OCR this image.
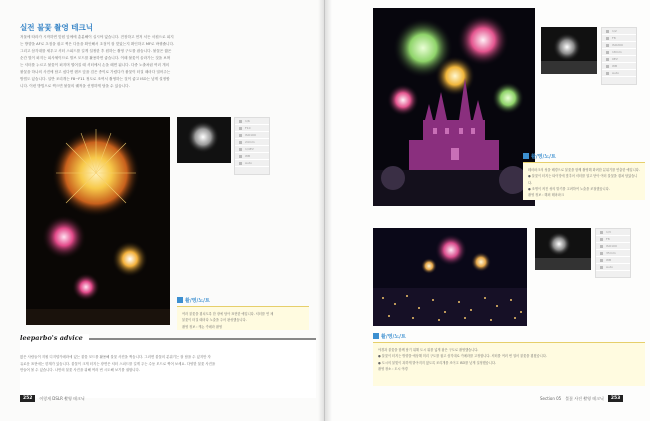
실전 불꽃 촬영 테크닉
저물에 따라가 시작하면 맞원 앞에에 총분해이 실시야 없습니다. 전장하고 먼저 서든 서원으로 피지
는 방향을 AF로 초점을 잡고 찍은 다음을 확인해서 초점이 잘 맞았는지 확인하고 MF로 바꿔줍니다.
그리고 삼각대를 세우고 셔터 스피드를 길게 설정한 후 원하는 촬영 구도를 잡습니다. 불꽃은 짧은
순간 빛이 퍼지는 피사체이므로 벌브 모드를 활용하면 좋습니다. 이때 불꽃이 올라가는 것을 보며
는 셔터를 누르고 불꽃이 퍼지며 떨어질 때 셔터에서 손을 떼면 됩니다. 다중 노출처럼 여러 개의
불꽃을 하나의 사진에 담고 싶다면 렌즈 앞을 검은 종이로 가렸다가 불꽃이 터질 때마다 열어주는
방법도 있습니다. 일반 조리개는 F8~F11 정도로 조여서 촬영하는 것이 좋고 ISO는 낮게 설정합
니다. 이런 방법으로 찍으면 불꽃의 궤적을 선명하게 담을 수 있습니다.
1/6
F10
ISO100
24mm
1/4EV
WB
Auto
촬/영/노/트
여러 불꽃을 겹치도록 한 장에 담아 표현한 예입니다. 셔터를 연 채
불꽃이 터질 때마다 노출을 주어 완성했습니다.
촬영 정보 : 캐논 카메라 촬영
leeparbo's advice
많은 사람들이 지원 디지털카메라에 있는 불꽃 모드를 활용해 불꽃 사진을 찍습니다. 그러면 불꽃의 분위기는 잘 담을 수 있지만 자
유로운 표현에는 한계가 있습니다. 불꽃이 크게 터지는 장면은 셔터 스피드를 길게 주는 수동 모드로 찍어 보세요. 다양한 불꽃 사진을
만들어 볼 수 있습니다. 나만의 불꽃 사진을 위해 여러 번 시도해 보기를 권합니다.
252	이렇게 DSLR 촬영 테크닉
1/2
F8
ISO200
18mm
0EV
WB
Auto
촬/영/노/트
테마파크의 성을 배경으로 불꽃을 함께 촬영해 화려한 분위기를 연출한 예입니다.
● 불꽃이 터지는 타이밍에 맞추어 셔터를 열고 닫아 여러 불꽃을 겹쳐 담았습니다.
● 조명이 켜진 성의 밝기를 고려하여 노출을 조절했습니다.
촬영 정보 : 해외 테마파크
1/3
F8
ISO100
35mm
WB
Auto
촬/영/노/트
야경과 불꽃을 함께 담기 위해 도시 위를 넓게 잡은 구도로 촬영했습니다.
● 불꽃이 터지는 방향을 예상해 미리 구도를 잡고 삼각대로 카메라를 고정합니다. 셔터를 여러 번 열어 불꽃을 겹쳤습니다.
● 도시의 불빛이 과하게 밝아지지 않도록 조리개를 조이고 ISO를 낮게 설정했습니다.
촬영 장소 : 도시 야경
Section 05 불꽃 사진 촬영 테크닉	253
